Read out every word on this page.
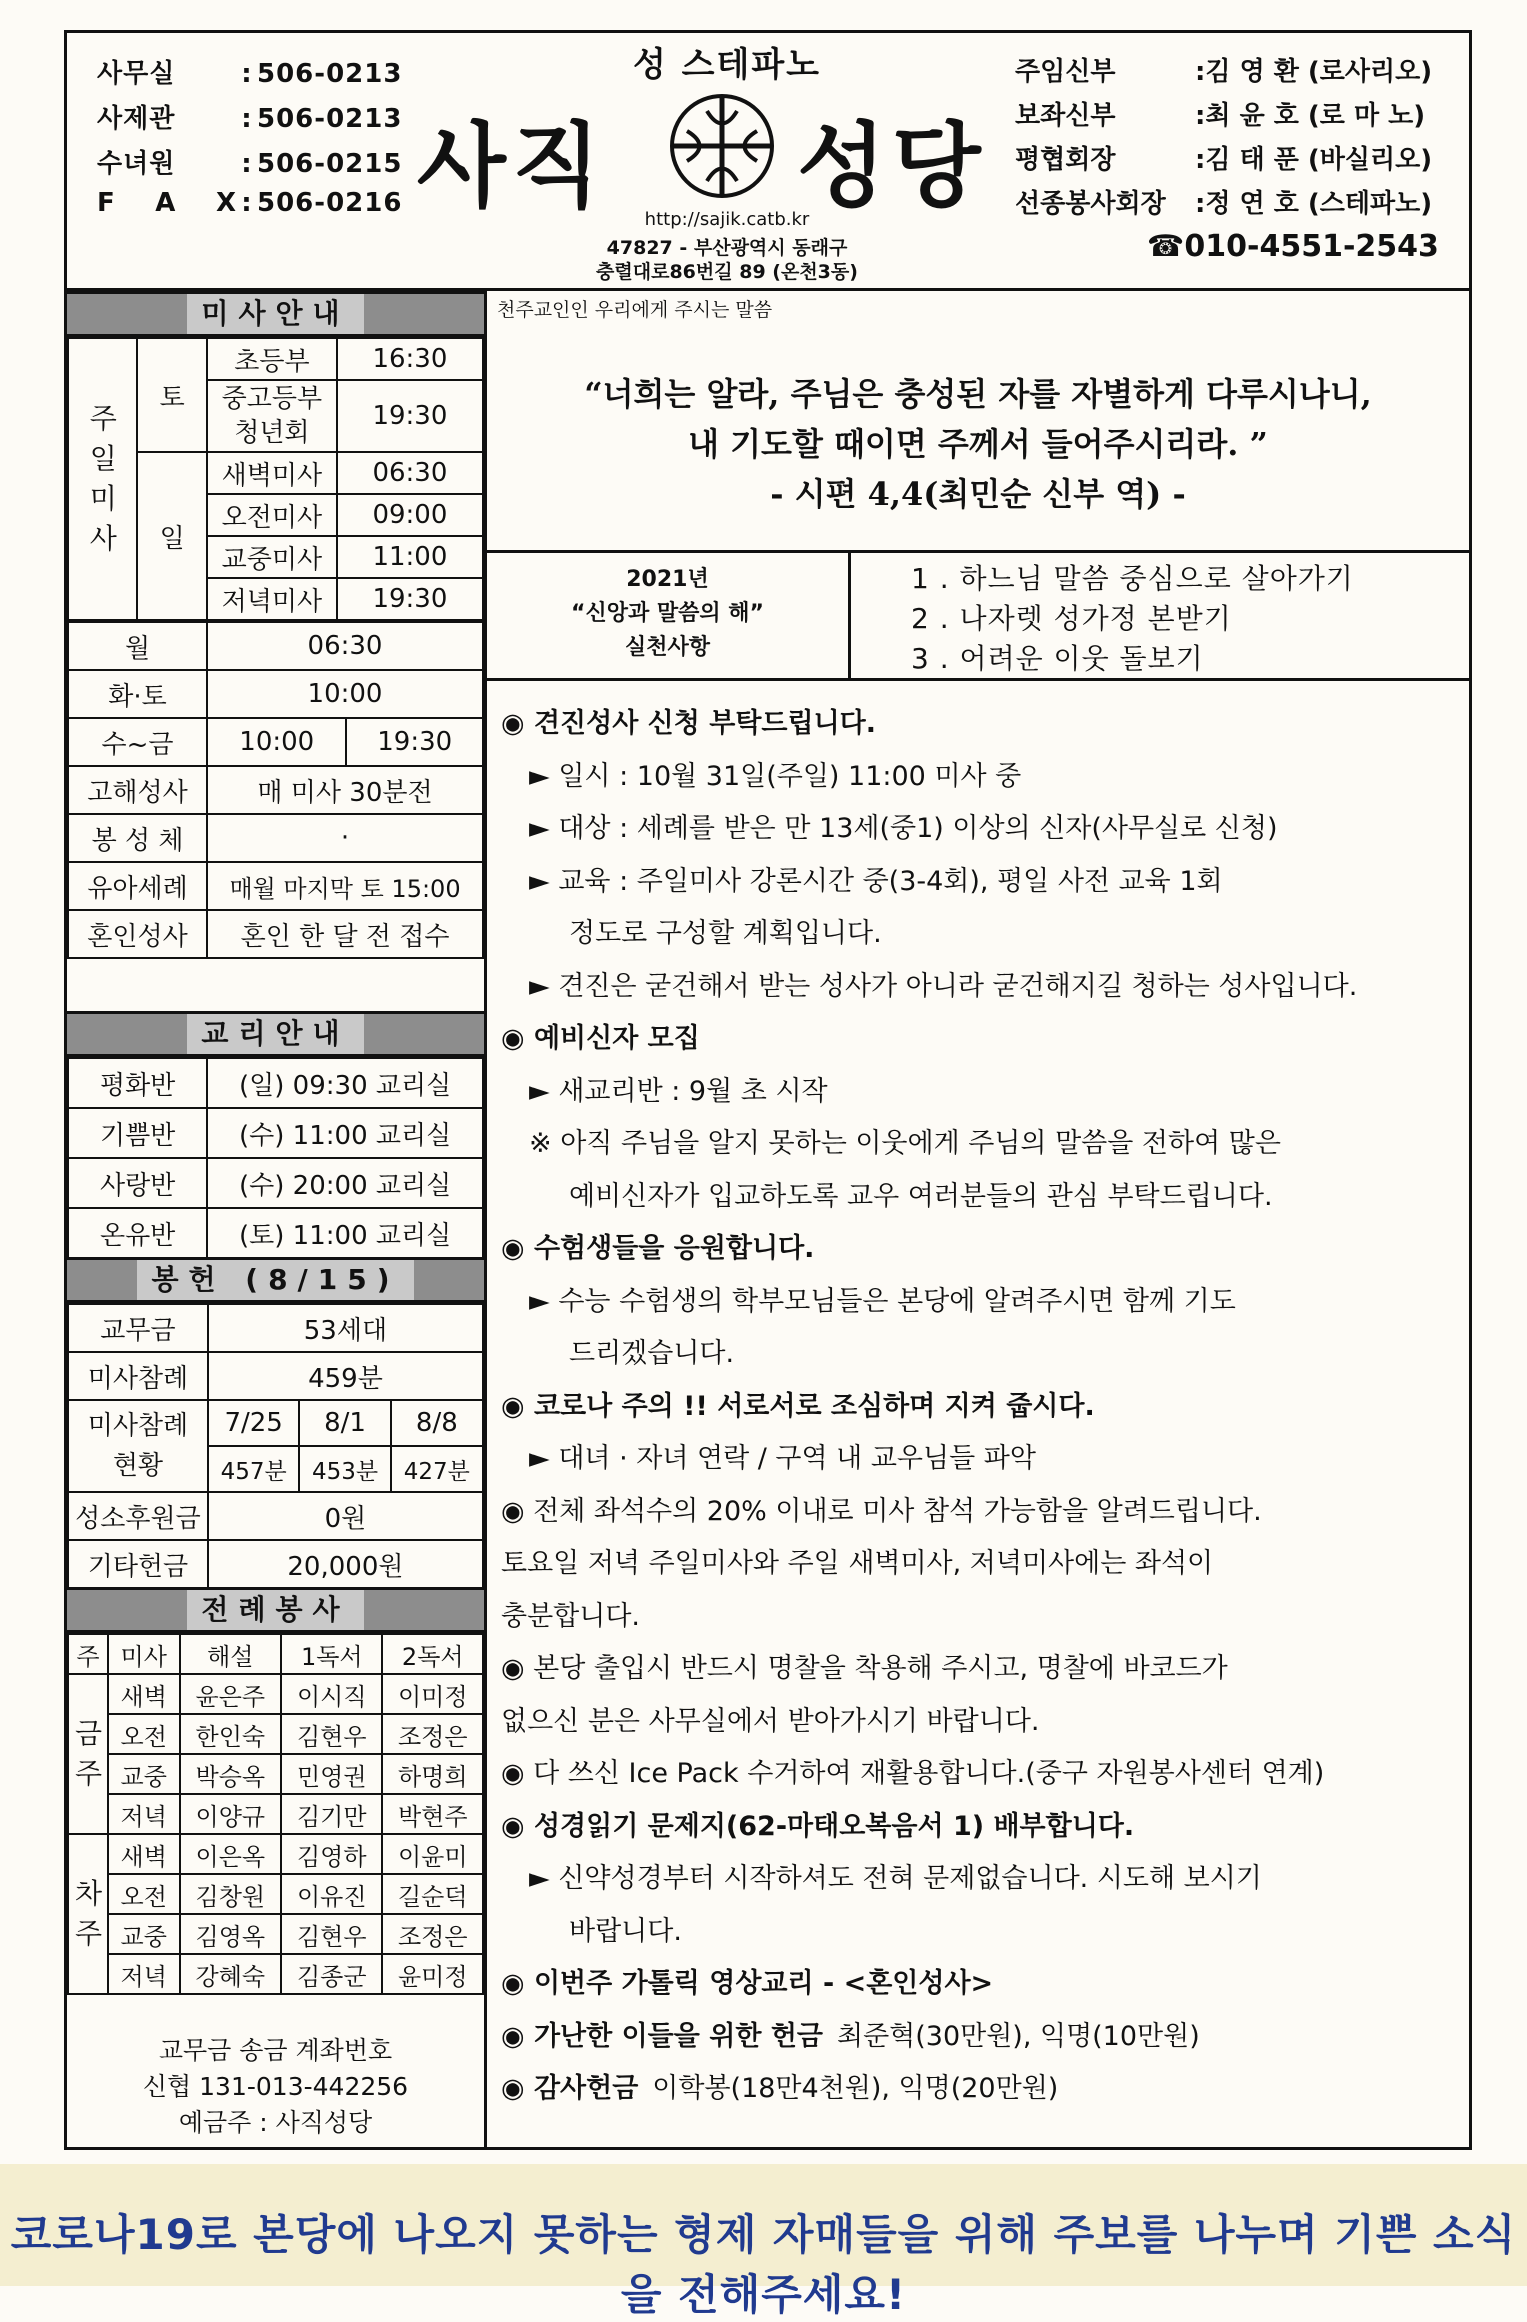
사무실	: 506-0213
사제관	: 506-0213
수녀원	: 506-0215
F A X : 506-0216
성 스테파노
사직 성당
http://sajik.catb.kr
47827 - 부산광역시 동래구
충렬대로86번길 89 (온천3동)
주임신부	:김 영 환 (로사리오)
보좌신부	:최 윤 호 (로 마 노)
평협회장	:김 태 푼 (바실리오)
선종봉사회장 :정 연 호 (스테파노)
☎010-4551-2543
미사안내
주일미사	토	초등부	16:30

		중고등부 청년회	19:30
	일	새벽미사	06:30
		오전미사	09:00
		교중미사	11:00
		저녁미사	19:30
월	06:30	
화·토	10:00	
수~금	10:00	19:30
고해성사	매 미사 30분전	
봉 성 체	·	
유아세례	매월 마지막 토 15:00	
혼인성사	혼인 한 달 전 접수	
교리안내
평화반	(일) 09:30 교리실
기쁨반	(수) 11:00 교리실
사랑반	(수) 20:00 교리실
온유반	(토) 11:00 교리실
봉헌 (8/15)
교무금	53세대		
미사참례	459분		

미사참례 현황	7/25	8/1	8/8
	457분	453분	427분
성소후원금	0원		
기타헌금	20,000원		
전례봉사
주	미사	해설	1독서	2독서

금주	새벽	윤은주	이시직	이미정
	오전	한인숙	김현우	조정은
	교중	박승옥	민영권	하명희
	저녁	이양규	김기만	박현주

차주	새벽	이은옥	김영하	이윤미
	오전	김창원	이유진	길순덕
	교중	김영옥	김현우	조정은
	저녁	강혜숙	김종군	윤미정
교무금 송금 계좌번호
신협 131-013-442256
예금주 : 사직성당
천주교인인 우리에게 주시는 말씀
“너희는 알라, 주님은 충성된 자를 자별하게 다루시나니,
내 기도할 때이면 주께서 들어주시리라. ”
- 시편 4,4(최민순 신부 역) -
2021년
“신앙과 말씀의 해”
실천사항
1 . 하느님 말씀 중심으로 살아가기
2 . 나자렛 성가정 본받기
3 . 어려운 이웃 돌보기
◉ 견진성사 신청 부탁드립니다.
► 일시 : 10월 31일(주일) 11:00 미사 중
► 대상 : 세례를 받은 만 13세(중1) 이상의 신자(사무실로 신청)
► 교육 : 주일미사 강론시간 중(3-4회), 평일 사전 교육 1회
정도로 구성할 계획입니다.
► 견진은 굳건해서 받는 성사가 아니라 굳건해지길 청하는 성사입니다.
◉ 예비신자 모집
► 새교리반 : 9월 초 시작
※ 아직 주님을 알지 못하는 이웃에게 주님의 말씀을 전하여 많은
예비신자가 입교하도록 교우 여러분들의 관심 부탁드립니다.
◉ 수험생들을 응원합니다.
► 수능 수험생의 학부모님들은 본당에 알려주시면 함께 기도
드리겠습니다.
◉ 코로나 주의 !! 서로서로 조심하며 지켜 줍시다.
► 대녀 · 자녀 연락 / 구역 내 교우님들 파악
◉ 전체 좌석수의 20% 이내로 미사 참석 가능함을 알려드립니다.
토요일 저녁 주일미사와 주일 새벽미사, 저녁미사에는 좌석이
충분합니다.
◉ 본당 출입시 반드시 명찰을 착용해 주시고, 명찰에 바코드가
없으신 분은 사무실에서 받아가시기 바랍니다.
◉ 다 쓰신 Ice Pack 수거하여 재활용합니다.(중구 자원봉사센터 연계)
◉ 성경읽기 문제지(62-마태오복음서 1) 배부합니다.
► 신약성경부터 시작하셔도 전혀 문제없습니다. 시도해 보시기
바랍니다.
◉ 이번주 가톨릭 영상교리 - <혼인성사>
◉ 가난한 이들을 위한 헌금 최준혁(30만원), 익명(10만원)
◉ 감사헌금 이학봉(18만4천원), 익명(20만원)
코로나19로 본당에 나오지 못하는 형제 자매들을 위해 주보를 나누며 기쁜 소식을 전해주세요!
